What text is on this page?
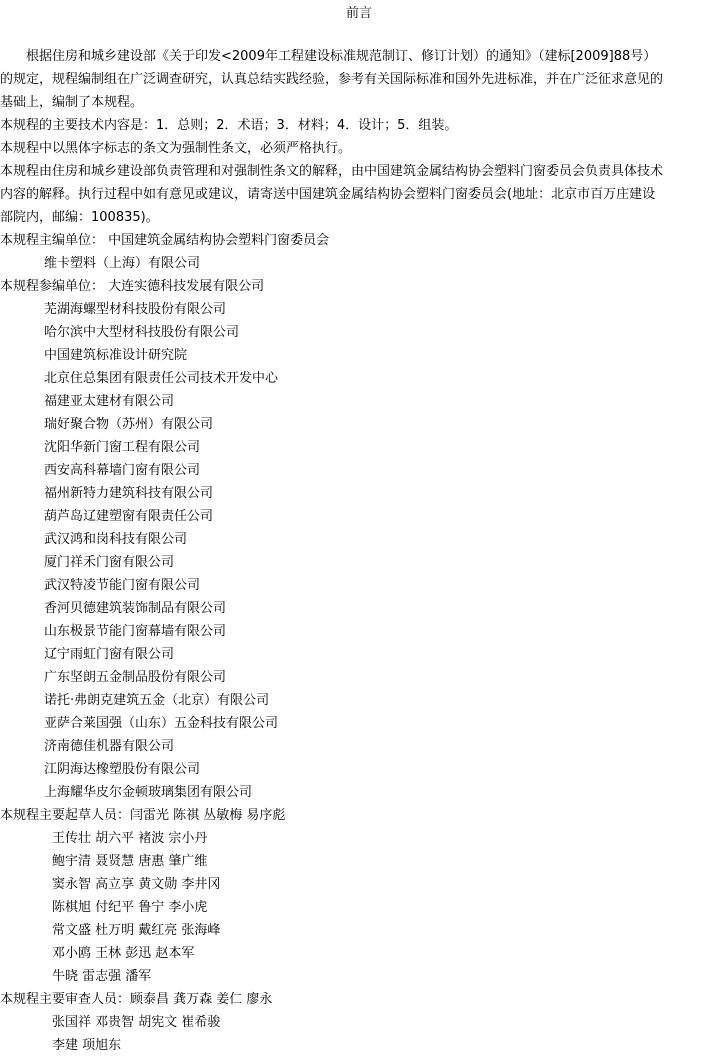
前言
根据住房和城乡建设部《关于印发<2009年工程建设标准规范制订、修订计划）的通知》（建标[2009]88号）
的规定，规程编制组在广泛调查研究，认真总结实践经验，参考有关国际标准和国外先进标准，并在广泛征求意见的
基础上，编制了本规程。
本规程的主要技术内容是：1．总则；2．术语；3．材料；4．设计；5．组装。
本规程中以黑体字标志的条文为强制性条文，必须严格执行。
本规程由住房和城乡建设部负责管理和对强制性条文的解释，由中国建筑金属结构协会塑料门窗委员会负责具体技术
内容的解释。执行过程中如有意见或建议，请寄送中国建筑金属结构协会塑料门窗委员会(地址：北京市百万庄建设
部院内，邮编：100835)。
本规程主编单位： 中国建筑金属结构协会塑料门窗委员会
维卡塑料（上海）有限公司
本规程参编单位： 大连实德科技发展有限公司
芜湖海螺型材科技股份有限公司
哈尔滨中大型材科技股份有限公司
中国建筑标准设计研究院
北京住总集团有限责任公司技术开发中心
福建亚太建材有限公司
瑞好聚合物（苏州）有限公司
沈阳华新门窗工程有限公司
西安高科幕墙门窗有限公司
福州新特力建筑科技有限公司
葫芦岛辽建塑窗有限责任公司
武汉鸿和岗科技有限公司
厦门祥禾门窗有限公司
武汉特凌节能门窗有限公司
香河贝德建筑装饰制品有限公司
山东极景节能门窗幕墙有限公司
辽宁雨虹门窗有限公司
广东坚朗五金制品股份有限公司
诺托·弗朗克建筑五金（北京）有限公司
亚萨合莱国强（山东）五金科技有限公司
济南德佳机器有限公司
江阴海达橡塑股份有限公司
上海耀华皮尔金顿玻璃集团有限公司
本规程主要起草人员：闫雷光 陈祺 丛敏梅 易序彪
王传壮 胡六平 褚波 宗小丹
鲍宇清 聂贤慧 唐惠 肇广维
窦永智 高立享 黄文勋 李井冈
陈棋旭 付纪平 鲁宁 李小虎
常文盛 杜万明 戴红亮 张海峰
邓小鸥 王林 彭迅 赵本军
牛晓 雷志强 潘军
本规程主要审查人员：顾泰昌 龚万森 姜仁 廖永
张国祥 邓贵智 胡宪文 崔希骏
李建 项旭东
